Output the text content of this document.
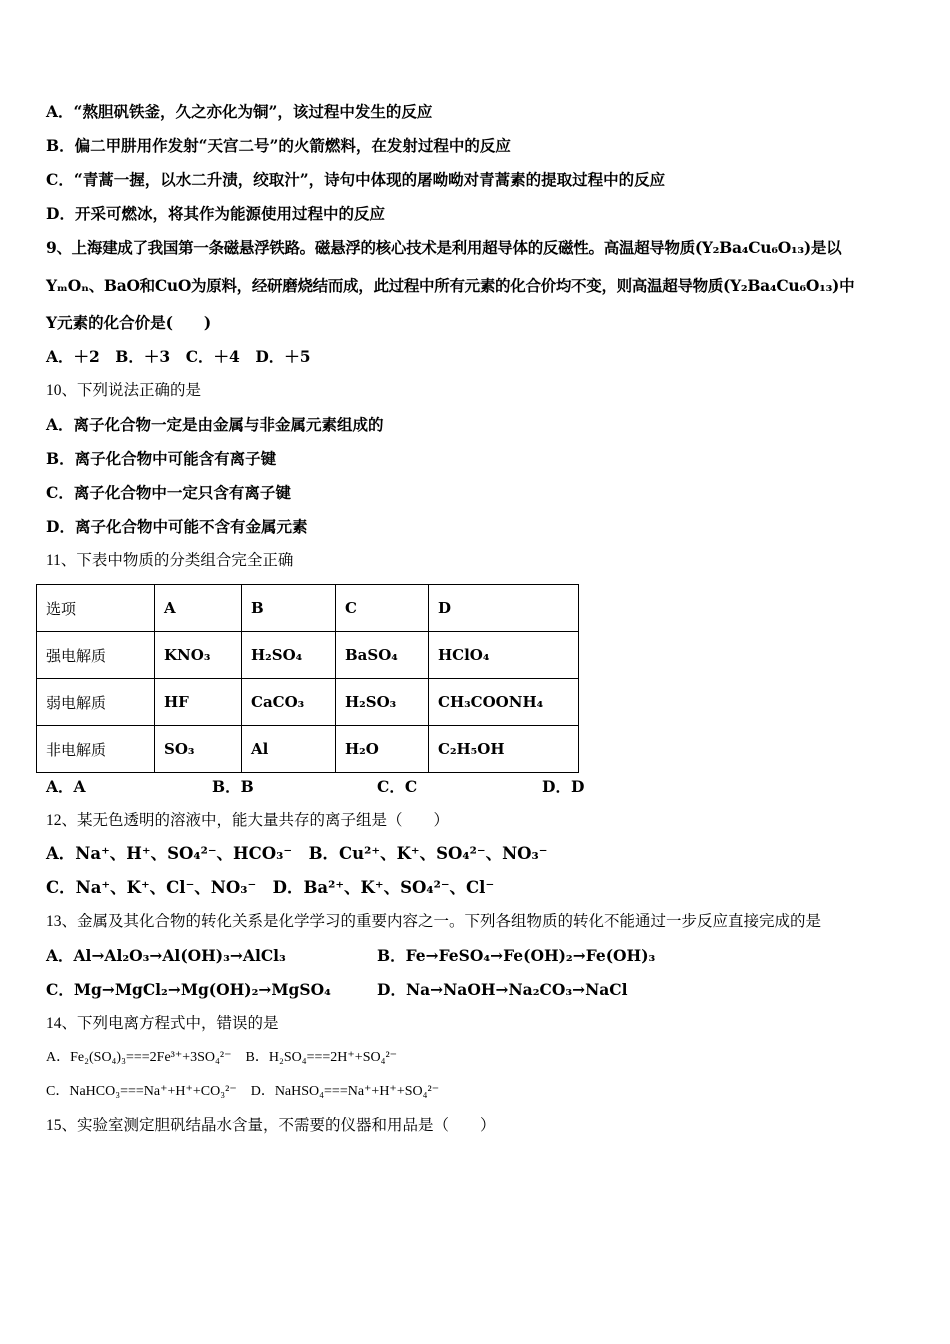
A．“熬胆矾铁釜，久之亦化为铜”，该过程中发生的反应
B．偏二甲肼用作发射“天宫二号”的火箭燃料，在发射过程中的反应
C．“青蒿一握，以水二升渍，绞取汁”，诗句中体现的屠呦呦对青蒿素的提取过程中的反应
D．开采可燃冰，将其作为能源使用过程中的反应
9、上海建成了我国第一条磁悬浮铁路。磁悬浮的核心技术是利用超导体的反磁性。高温超导物质(Y₂Ba₄Cu₆O₁₃)是以
YₘOₙ、BaO和CuO为原料，经研磨烧结而成，此过程中所有元素的化合价均不变，则高温超导物质(Y₂Ba₄Cu₆O₁₃)中
Y元素的化合价是(　　)
A．＋2　B．＋3　C．＋4　D．＋5
10、下列说法正确的是
A．离子化合物一定是由金属与非金属元素组成的
B．离子化合物中可能含有离子键
C．离子化合物中一定只含有离子键
D．离子化合物中可能不含有金属元素
11、下表中物质的分类组合完全正确
选项	A	B	C	D
强电解质	KNO₃	H₂SO₄	BaSO₄	HClO₄
弱电解质	HF	CaCO₃	H₂SO₃	CH₃COONH₄
非电解质	SO₃	Al	H₂O	C₂H₅OH
A．A	B．B	C．C	D．D
12、某无色透明的溶液中，能大量共存的离子组是（　　）
A．Na⁺、H⁺、SO₄²⁻、HCO₃⁻　B．Cu²⁺、K⁺、SO₄²⁻、NO₃⁻
C．Na⁺、K⁺、Cl⁻、NO₃⁻　D．Ba²⁺、K⁺、SO₄²⁻、Cl⁻
13、金属及其化合物的转化关系是化学学习的重要内容之一。下列各组物质的转化不能通过一步反应直接完成的是
A．Al→Al₂O₃→Al(OH)₃→AlCl₃	B．Fe→FeSO₄→Fe(OH)₂→Fe(OH)₃
C．Mg→MgCl₂→Mg(OH)₂→MgSO₄	D．Na→NaOH→Na₂CO₃→NaCl
14、下列电离方程式中，错误的是
A．Fe₂(SO₄)₃===2Fe³⁺+3SO₄²⁻　B．H₂SO₄===2H⁺+SO₄²⁻
C．NaHCO₃===Na⁺+H⁺+CO₃²⁻　D．NaHSO₄===Na⁺+H⁺+SO₄²⁻
15、实验室测定胆矾结晶水含量，不需要的仪器和用品是（　　）
